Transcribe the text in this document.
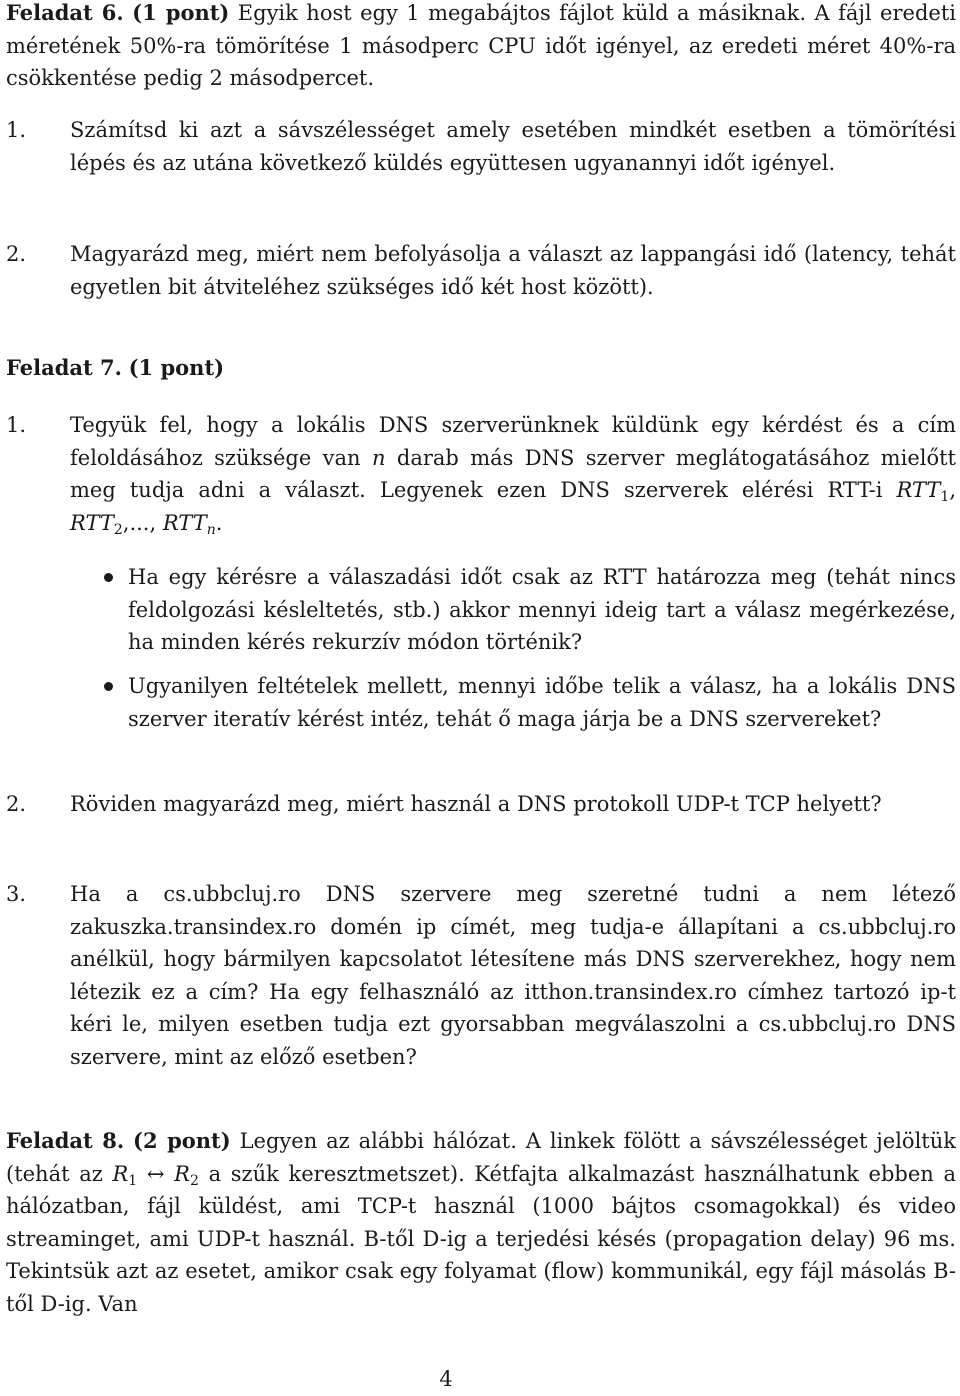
Feladat 6. (1 pont) Egyik host egy 1 megabájtos fájlot küld a másiknak. A fájl eredeti méretének 50%-ra tömörítése 1 másodperc CPU időt igényel, az eredeti méret 40%-ra csökkentése pedig 2 másodpercet.

1.	Számítsd ki azt a sávszélességet amely esetében mindkét esetben a tömörítési lépés és az utána következő küldés együttesen ugyanannyi időt igényel.
2.	Magyarázd meg, miért nem befolyásolja a választ az lappangási idő (latency, tehát egyetlen bit átviteléhez szükséges idő két host között).

Feladat 7. (1 pont)

1.	Tegyük fel, hogy a lokális DNS szerverünknek küldünk egy kérdést és a cím feloldásához szüksége van n darab más DNS szerver meglátogatásához mielőtt meg tudja adni a választ. Legyenek ezen DNS szerverek elérési RTT-i $RTT_1$, $RTT_2$,..., $RTT_n$.
Ha egy kérésre a válaszadási időt csak az RTT határozza meg (tehát nincs feldolgozási késleltetés, stb.) akkor mennyi ideig tart a válasz megérkezése, ha minden kérés rekurzív módon történik?
Ugyanilyen feltételek mellett, mennyi időbe telik a válasz, ha a lokális DNS szerver iteratív kérést intéz, tehát ő maga járja be a DNS szervereket?
2.	Röviden magyarázd meg, miért használ a DNS protokoll UDP-t TCP helyett?
3.	Ha a cs.ubbcluj.ro DNS szervere meg szeretné tudni a nem létező zakuszka.transindex.ro domén ip címét, meg tudja-e állapítani a cs.ubbcluj.ro anélkül, hogy bármilyen kapcsolatot létesítene más DNS szerverekhez, hogy nem létezik ez a cím? Ha egy felhasználó az itthon.transindex.ro címhez tartozó ip-t kéri le, milyen esetben tudja ezt gyorsabban megválaszolni a cs.ubbcluj.ro DNS szervere, mint az előző esetben?

Feladat 8. (2 pont) Legyen az alábbi hálózat. A linkek fölött a sávszélességet jelöltük (tehát az $R_1$ ↔ $R_2$ a szűk keresztmetszet). Kétfajta alkalmazást használhatunk ebben a hálózatban, fájl küldést, ami TCP-t használ (1000 bájtos csomagokkal) és video streaminget, ami UDP-t használ. B-től D-ig a terjedési késés (propagation delay) 96 ms. Tekintsük azt az esetet, amikor csak egy folyamat (flow) kommunikál, egy fájl másolás B-től D-ig. Van

4
